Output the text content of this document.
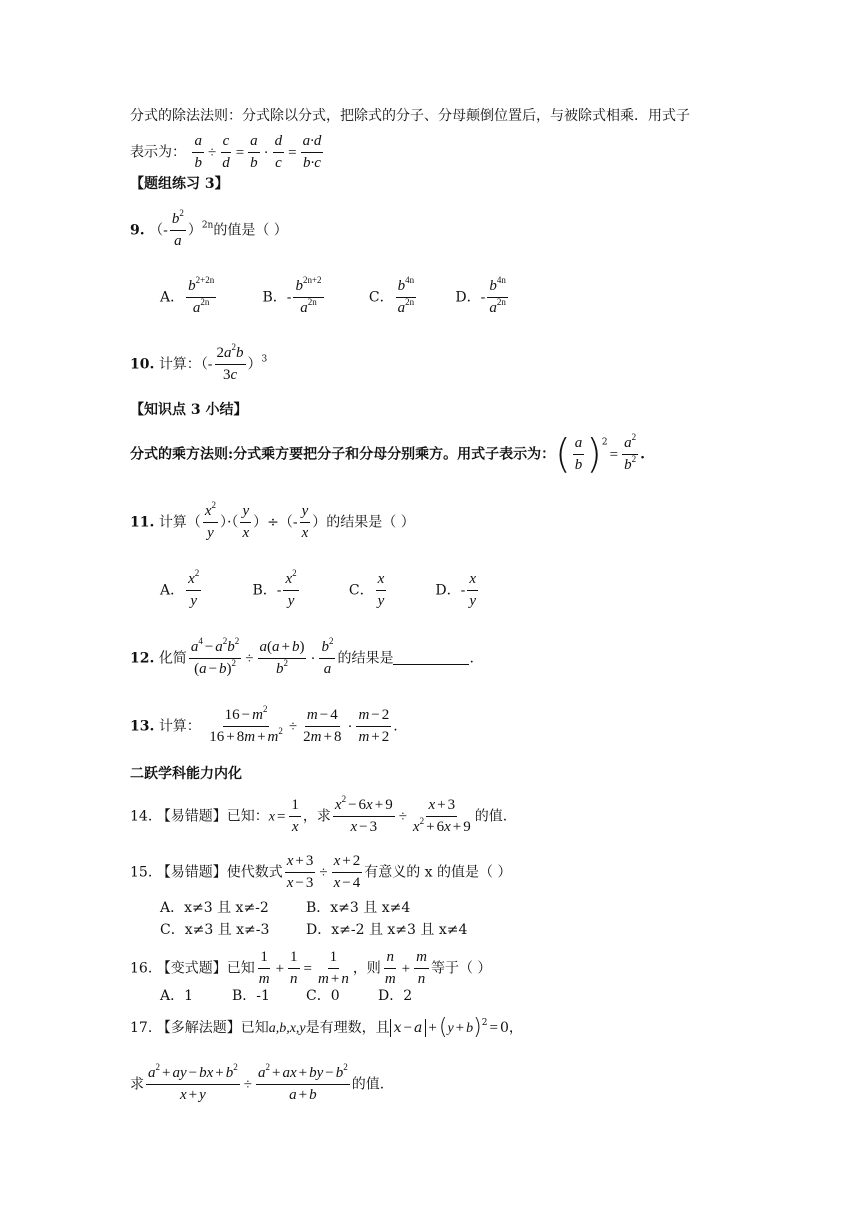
分式的除法法则：分式除以分式，把除式的分子、分母颠倒位置后，与被除式相乘．用式子
表示为： $\frac{a}{b} \div \frac{c}{d} = \frac{a}{b} \cdot \frac{d}{c} = \frac{a\cdot d}{b\cdot c}$
【题组练习 3】
9. （- $\frac{b^2}{a} )^{2n}$的值是（ ）
A． $\frac{b^{2+2n}}{a^{2n}}$	B．- $\frac{b^{2n+2}}{a^{2n}}$	C． $\frac{b^{4n}}{a^{2n}}$	D．- $\frac{b^{4n}}{a^{2n}}$
10. 计算：（- $\frac{2a^2b}{3c} )^3$
【知识点 3 小结】
分式的乘方法则:分式乘方要把分子和分母分别乘方。用式子表示为：( $\frac{a}{b} )^2= \frac{a^2}{b^2}$ .
11. 计算（ $\frac{x^2}{y}$ ）·（ $\frac{y}{x}$ ）÷（- $\frac{y}{x}$ ）的结果是（ ）
A． $\frac{x^2}{y}$	B．- $\frac{x^2}{y}$	C． $\frac{x}{y}$	D．- $\frac{x}{y}$
12. 化简 $\frac{a^4 - a^2b^2}{(a - b)^2} \div \frac{a(a + b)}{b^2} \cdot \frac{b^2}{a}$ 的结果是	.
13. 计算： $\frac{16 - m^2}{16 + 8m + m^2} \div \frac{m - 4}{2m + 8} \cdot \frac{m - 2}{m + 2}$ .
二跃学科能力内化
14. 【易错题】已知：$x = \frac{1}{x}$ ，求 $\frac{x^2 - 6x + 9}{x - 3} \div \frac{x + 3}{x^2 + 6x + 9}$ 的值.
15. 【易错题】使代数式 $\frac{x + 3}{x - 3} \div \frac{x + 2}{x - 4}$ 有意义的 x 的值是（ ）
A．x≠3 且 x≠-2	B．x≠3 且 x≠4
C．x≠3 且 x≠-3	D．x≠-2 且 x≠3 且 x≠4
16. 【变式题】已知 $\frac{1}{m} + \frac{1}{n} = \frac{1}{m + n}$ ，则 $\frac{n}{m} + \frac{m}{n}$ 等于（ ）
A．1	B．-1	C．0	D．2
17. 【多解法题】已知a,b,x,y是有理数，且 $x - a +(y + b)^2 = 0$，
求 $\frac{a^2 + ay - bx + b^2}{x + y} \div \frac{a^2 + ax + by - b^2}{a + b}$ 的值.
